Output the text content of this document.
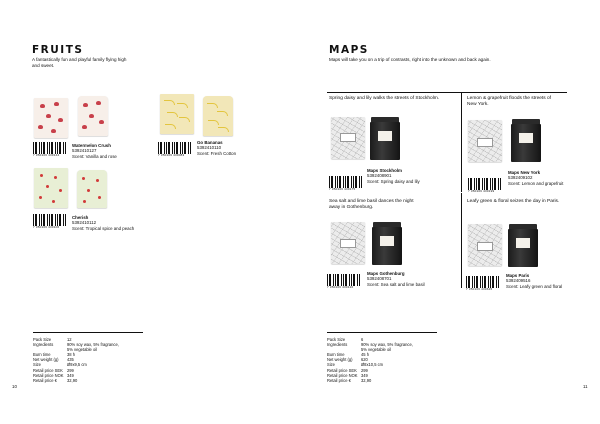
FRUITS
A fantastically fun and playful family flying high
and sweet.
7 350106 430144
Watermelon Crush
5392410127
Scent: Vanilla and rose	7 350106 430083
Go Bananas
5392410110
Scent: Fresh Cotton
7 350106 430106
Cherish
5392410112
Scent: Tropical spice and peach
Pack Size	12
Ingredients	90% soy wax, 5% fragrance,
	5% vegetable oil
Burn time	38 h
Net weight (g)	435
Size	Ø9x9,5 cm
Retail price SEK	299
Retail price NOK	349
Retail price €	32,90
10
MAPS
Maps will take you on a trip of contrasts, right into the unknown and back again.
Spring daisy and lily walks the streets of Stockholm.
7 350106 430175
Maps Stockholm
5392408901
Scent: Spring daisy and lily
Lemon & grapefruit floods the streets of
New York.
7 350106 430199
Maps New York
5392409102
Scent: Lemon and grapefruit
Sea salt and lime basil dances the night
away in Gothenburg.
7 350106 430120
Maps Gothenburg
5392408701
Scent: Sea salt and lime basil
Leafy green & floral seizes the day in Paris.
7 350106 430625
Maps Paris
5392409516
Scent: Leafy green and floral
Pack Size	6
Ingredients	90% soy wax, 5% fragrance,
	5% vegetable oil
Burn time	45 h
Net weight (g)	620
Size	Ø8x10,5 cm
Retail price SEK	299
Retail price NOK	349
Retail price €	32,90
11
